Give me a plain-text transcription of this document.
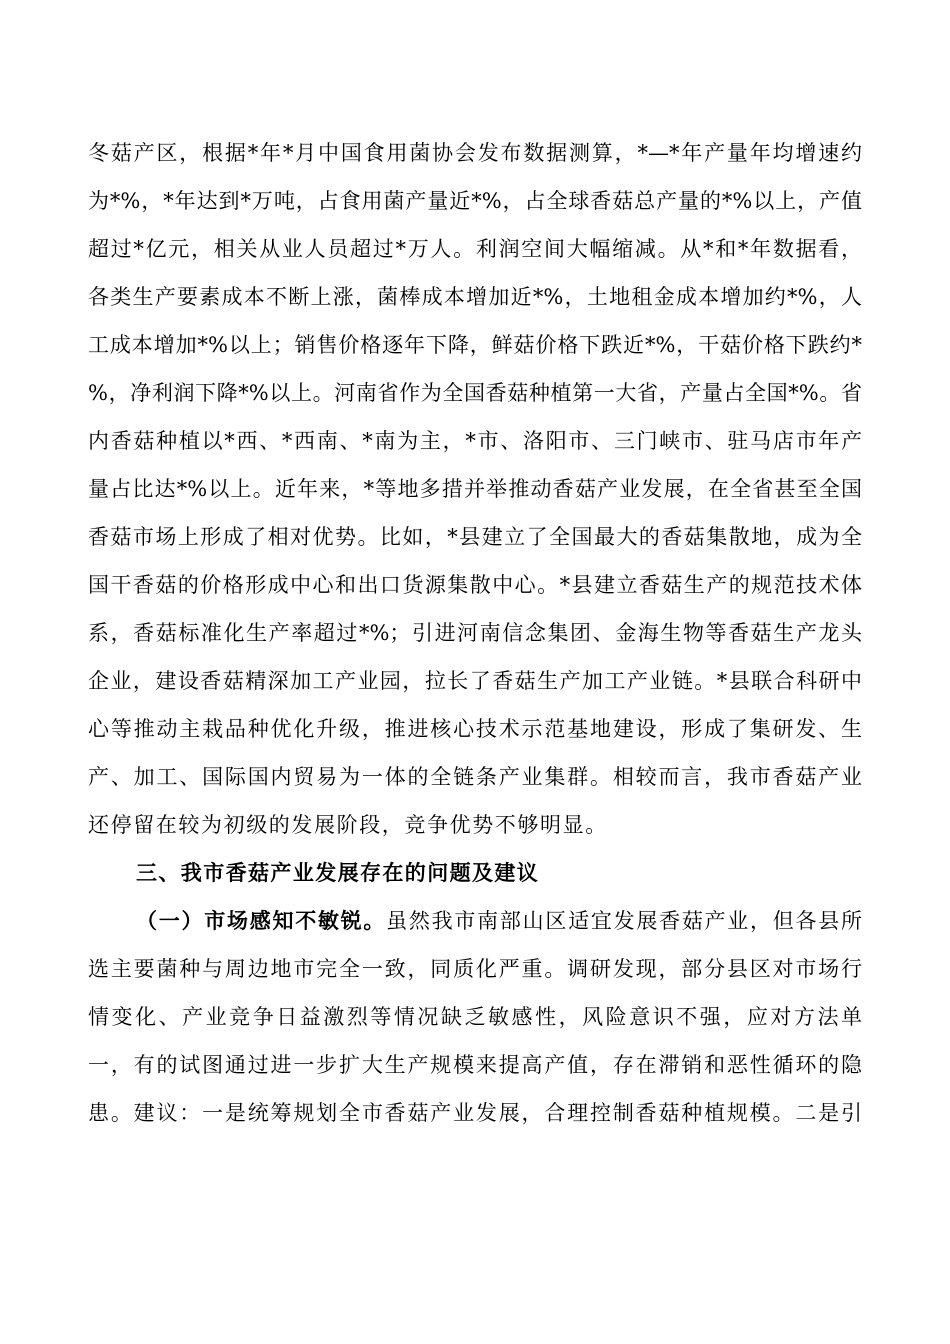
冬菇产区，根据*年*月中国食用菌协会发布数据测算，*—*年产量年均增速约
为*%，*年达到*万吨，占食用菌产量近*%，占全球香菇总产量的*%以上，产值
超过*亿元，相关从业人员超过*万人。利润空间大幅缩减。从*和*年数据看，
各类生产要素成本不断上涨，菌棒成本增加近*%，土地租金成本增加约*%，人
工成本增加*%以上；销售价格逐年下降，鲜菇价格下跌近*%，干菇价格下跌约*
%，净利润下降*%以上。河南省作为全国香菇种植第一大省，产量占全国*%。省
内香菇种植以*西、*西南、*南为主，*市、洛阳市、三门峡市、驻马店市年产
量占比达*%以上。近年来，*等地多措并举推动香菇产业发展，在全省甚至全国
香菇市场上形成了相对优势。比如，*县建立了全国最大的香菇集散地，成为全
国干香菇的价格形成中心和出口货源集散中心。*县建立香菇生产的规范技术体
系，香菇标准化生产率超过*%；引进河南信念集团、金海生物等香菇生产龙头
企业，建设香菇精深加工产业园，拉长了香菇生产加工产业链。*县联合科研中
心等推动主栽品种优化升级，推进核心技术示范基地建设，形成了集研发、生
产、加工、国际国内贸易为一体的全链条产业集群。相较而言，我市香菇产业
还停留在较为初级的发展阶段，竞争优势不够明显。
三、我市香菇产业发展存在的问题及建议
（一）市场感知不敏锐。虽然我市南部山区适宜发展香菇产业，但各县所
选主要菌种与周边地市完全一致，同质化严重。调研发现，部分县区对市场行
情变化、产业竞争日益激烈等情况缺乏敏感性，风险意识不强，应对方法单
一，有的试图通过进一步扩大生产规模来提高产值，存在滞销和恶性循环的隐
患。建议：一是统筹规划全市香菇产业发展，合理控制香菇种植规模。二是引
